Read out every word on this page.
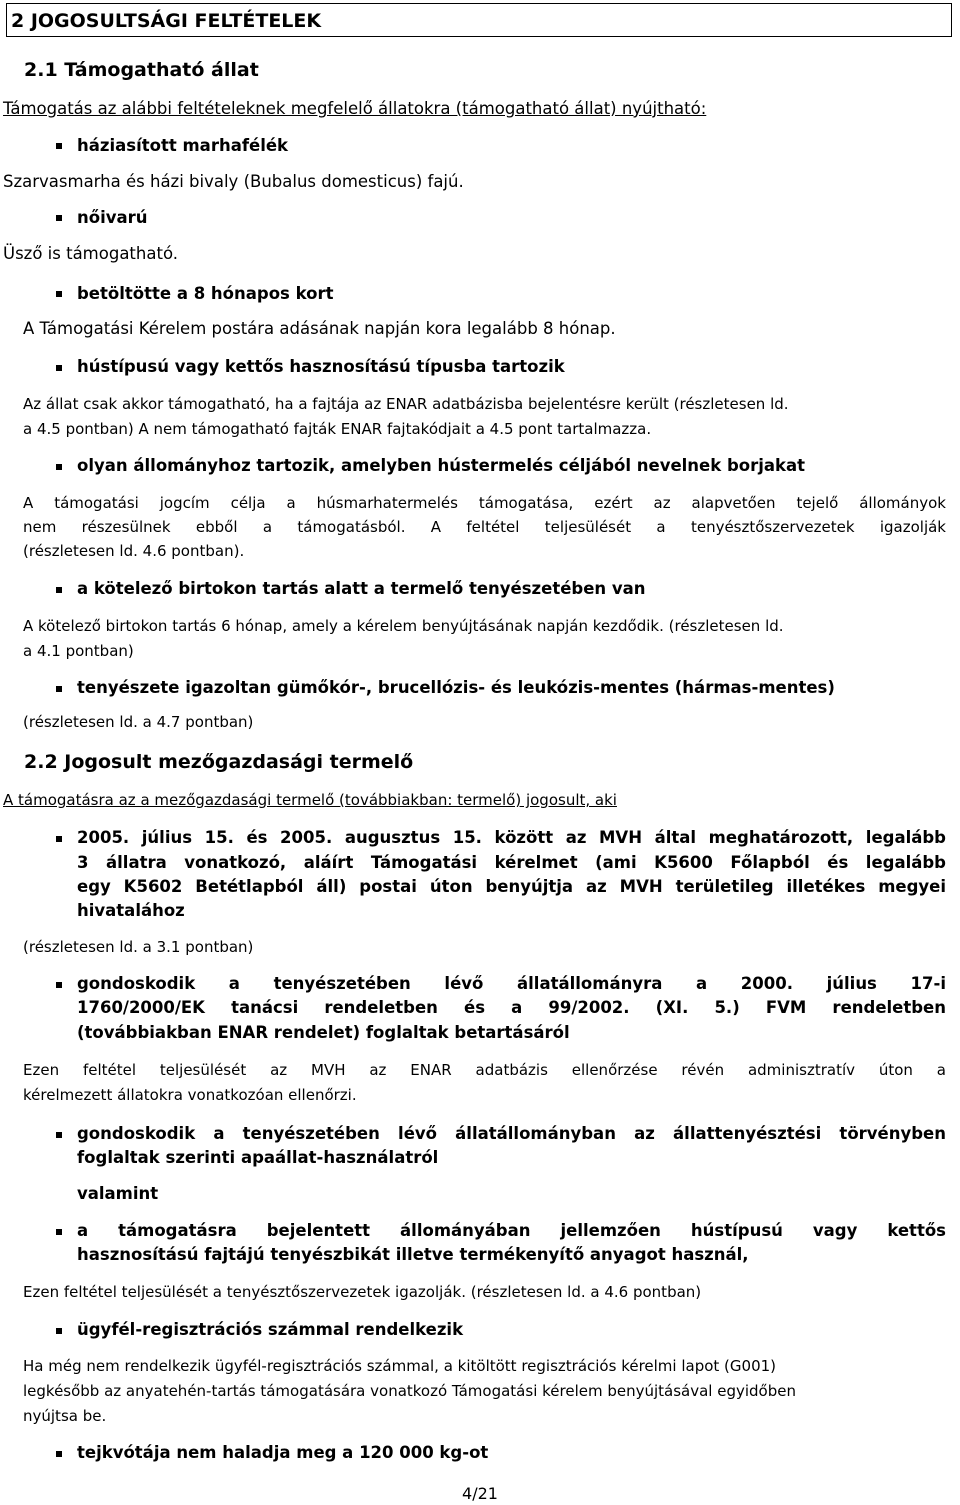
2 JOGOSULTSÁGI FELTÉTELEK
2.1 Támogatható állat
Támogatás az alábbi feltételeknek megfelelő állatokra (támogatható állat) nyújtható:
háziasított marhafélék
Szarvasmarha és házi bivaly (Bubalus domesticus) fajú.
nőivarú
Üsző is támogatható.
betöltötte a 8 hónapos kort
A Támogatási Kérelem postára adásának napján kora legalább 8 hónap.
hústípusú vagy kettős hasznosítású típusba tartozik
Az állat csak akkor támogatható, ha a fajtája az ENAR adatbázisba bejelentésre került (részletesen ld.
a 4.5 pontban) A nem támogatható fajták ENAR fajtakódjait a 4.5 pont tartalmazza.
olyan állományhoz tartozik, amelyben hústermelés céljából nevelnek borjakat
A támogatási jogcím célja a húsmarhatermelés támogatása, ezért az alapvetően tejelő állományok
nem részesülnek ebből a támogatásból. A feltétel teljesülését a tenyésztőszervezetek igazolják
(részletesen ld. 4.6 pontban).
a kötelező birtokon tartás alatt a termelő tenyészetében van
A kötelező birtokon tartás 6 hónap, amely a kérelem benyújtásának napján kezdődik. (részletesen ld.
a 4.1 pontban)
tenyészete igazoltan gümőkór-, brucellózis- és leukózis-mentes (hármas-mentes)
(részletesen ld. a 4.7 pontban)
2.2 Jogosult mezőgazdasági termelő
A támogatásra az a mezőgazdasági termelő (továbbiakban: termelő) jogosult, aki
2005. július 15. és 2005. augusztus 15. között az MVH által meghatározott, legalább
3 állatra vonatkozó, aláírt Támogatási kérelmet (ami K5600 Főlapból és legalább
egy K5602 Betétlapból áll) postai úton benyújtja az MVH területileg illetékes megyei
hivatalához
(részletesen ld. a 3.1 pontban)
gondoskodik a tenyészetében lévő állatállományra a 2000. július 17-i
1760/2000/EK tanácsi rendeletben és a 99/2002. (XI. 5.) FVM rendeletben
(továbbiakban ENAR rendelet) foglaltak betartásáról
Ezen feltétel teljesülését az MVH az ENAR adatbázis ellenőrzése révén adminisztratív úton a
kérelmezett állatokra vonatkozóan ellenőrzi.
gondoskodik a tenyészetében lévő állatállományban az állattenyésztési törvényben
foglaltak szerinti apaállat-használatról
valamint
a támogatásra bejelentett állományában jellemzően hústípusú vagy kettős
hasznosítású fajtájú tenyészbikát illetve termékenyítő anyagot használ,
Ezen feltétel teljesülését a tenyésztőszervezetek igazolják. (részletesen ld. a 4.6 pontban)
ügyfél-regisztrációs számmal rendelkezik
Ha még nem rendelkezik ügyfél-regisztrációs számmal, a kitöltött regisztrációs kérelmi lapot (G001)
legkésőbb az anyatehén-tartás támogatására vonatkozó Támogatási kérelem benyújtásával egyidőben
nyújtsa be.
tejkvótája nem haladja meg a 120 000 kg-ot
4/21
